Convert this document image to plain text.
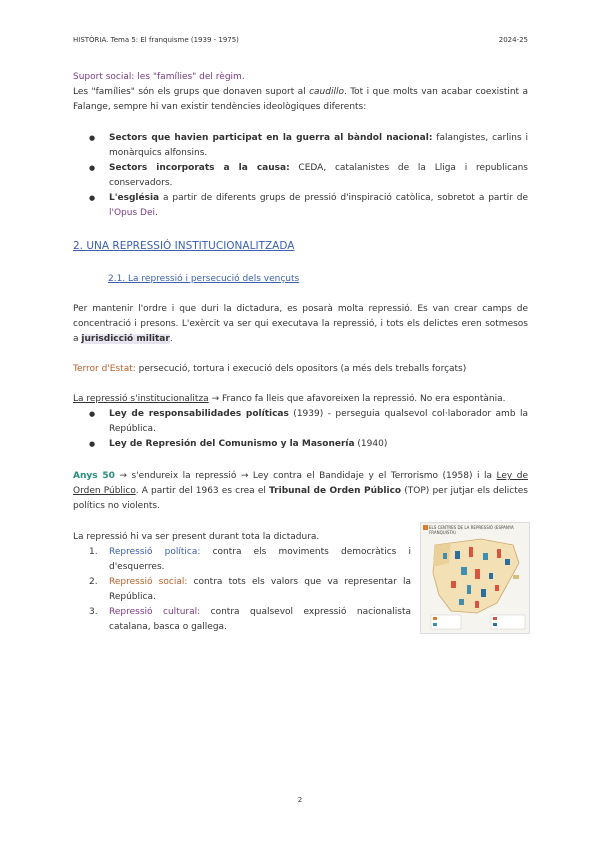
HISTÒRIA. Tema 5: El franquisme (1939 - 1975)	2024-25
Suport social: les "famílies" del règim.
Les "famílies" són els grups que donaven suport al caudillo. Tot i que molts van acabar coexistint a Falange, sempre hi van existir tendències ideològiques diferents:
● Sectors que havien participat en la guerra al bàndol nacional: falangistes, carlins i monàrquics alfonsins.
● Sectors incorporats a la causa: CEDA, catalanistes de la Lliga i republicans conservadors.
● L'església a partir de diferents grups de pressió d'inspiració catòlica, sobretot a partir de l'Opus Dei.
2. UNA REPRESSIÓ INSTITUCIONALITZADA
2.1. La repressió i persecució dels vençuts
Per mantenir l'ordre i que duri la dictadura, es posarà molta repressió. Es van crear camps de concentració i presons. L'exèrcit va ser qui executava la repressió, i tots els delictes eren sotmesos a jurisdicció militar.
Terror d'Estat: persecució, tortura i execució dels opositors (a més dels treballs forçats)
La repressió s'institucionalitza → Franco fa lleis que afavoreixen la repressió. No era espontània.
● Ley de responsabilidades políticas (1939) - perseguia qualsevol col·laborador amb la República.
● Ley de Represión del Comunismo y la Masonería (1940)
Anys 50 → s'endureix la repressió → Ley contra el Bandidaje y el Terrorismo (1958) i la Ley de Orden Público. A partir del 1963 es crea el Tribunal de Orden Público (TOP) per jutjar els delictes polítics no violents.
La repressió hi va ser present durant tota la dictadura.
1. Repressió política: contra els moviments democràtics i d'esquerres.
2. Repressió social: contra tots els valors que va representar la República.
3. Repressió cultural: contra qualsevol expressió nacionalista catalana, basca o gallega.
ELS CENTRES DE LA REPRESSIÓ (ESPANYA FRANQUISTA)
2
